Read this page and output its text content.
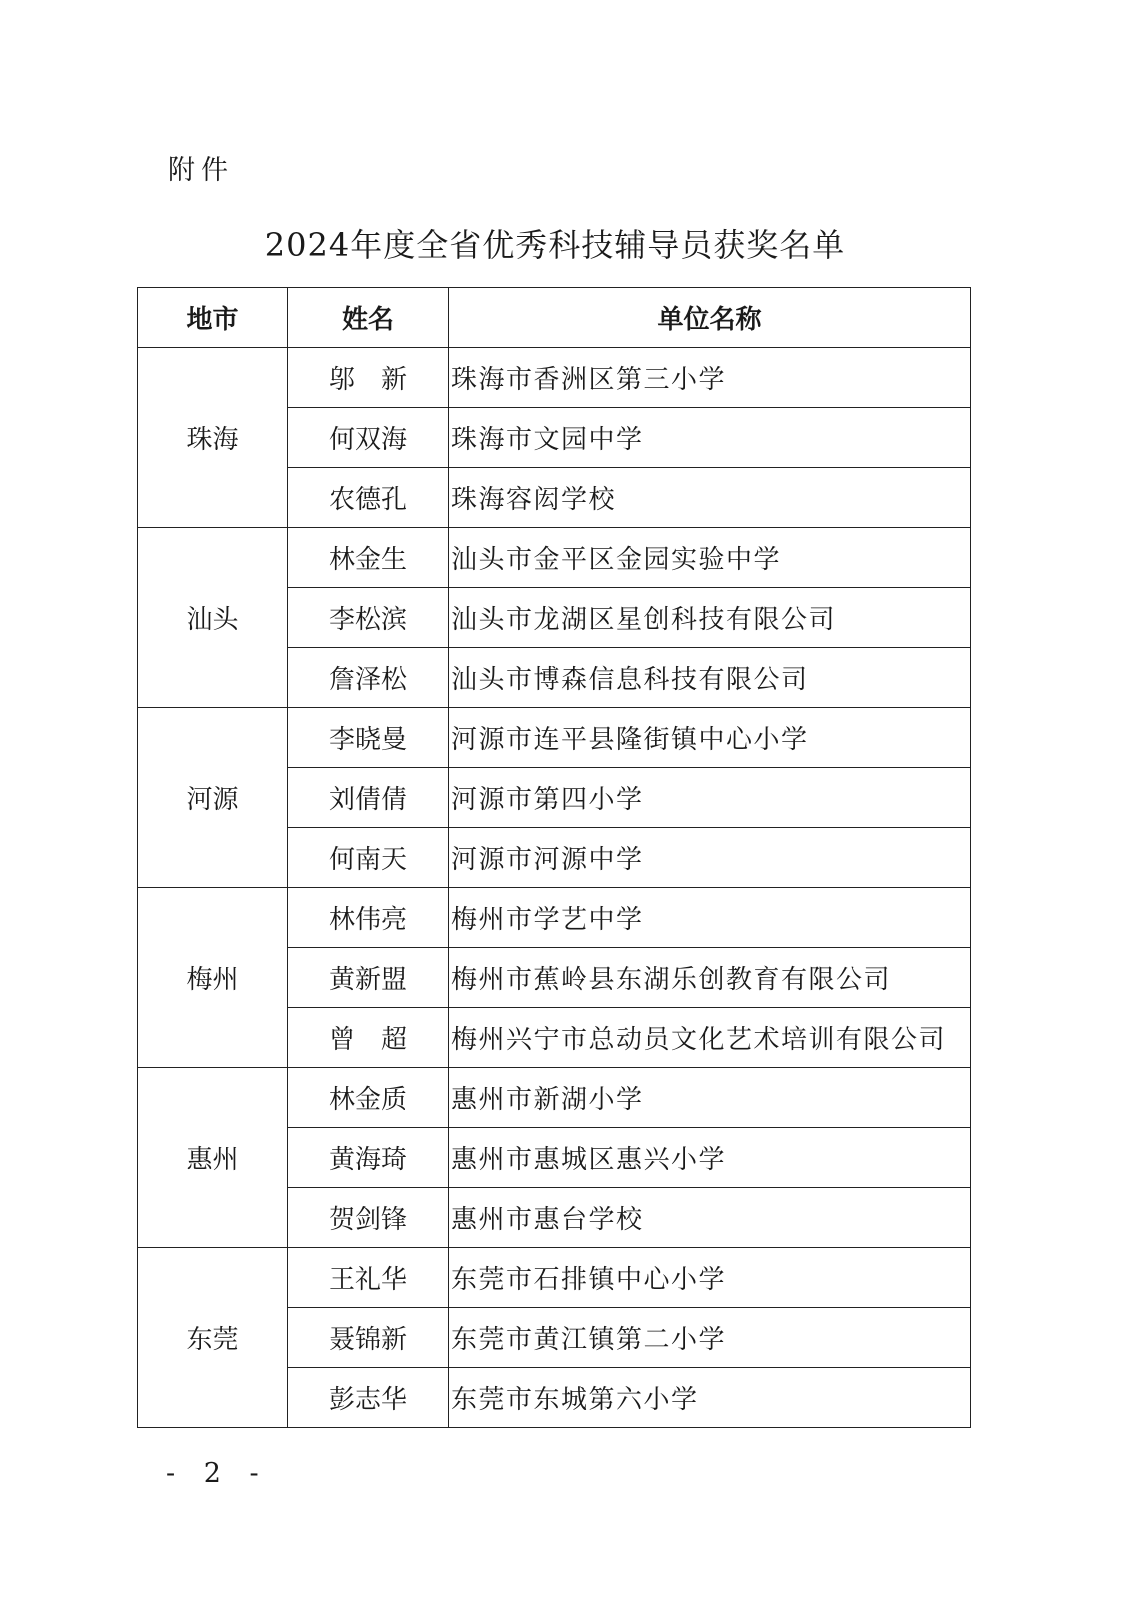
附件
2024年度全省优秀科技辅导员获奖名单
地市	姓名	单位名称
珠海	邬　新	珠海市香洲区第三小学
	何双海	珠海市文园中学
	农德孔	珠海容闳学校
汕头	林金生	汕头市金平区金园实验中学
	李松滨	汕头市龙湖区星创科技有限公司
	詹泽松	汕头市博森信息科技有限公司
河源	李晓曼	河源市连平县隆街镇中心小学
	刘倩倩	河源市第四小学
	何南天	河源市河源中学
梅州	林伟亮	梅州市学艺中学
	黄新盟	梅州市蕉岭县东湖乐创教育有限公司
	曾　超	梅州兴宁市总动员文化艺术培训有限公司
惠州	林金质	惠州市新湖小学
	黄海琦	惠州市惠城区惠兴小学
	贺剑锋	惠州市惠台学校
东莞	王礼华	东莞市石排镇中心小学
	聂锦新	东莞市黄江镇第二小学
	彭志华	东莞市东城第六小学
- 2 -
